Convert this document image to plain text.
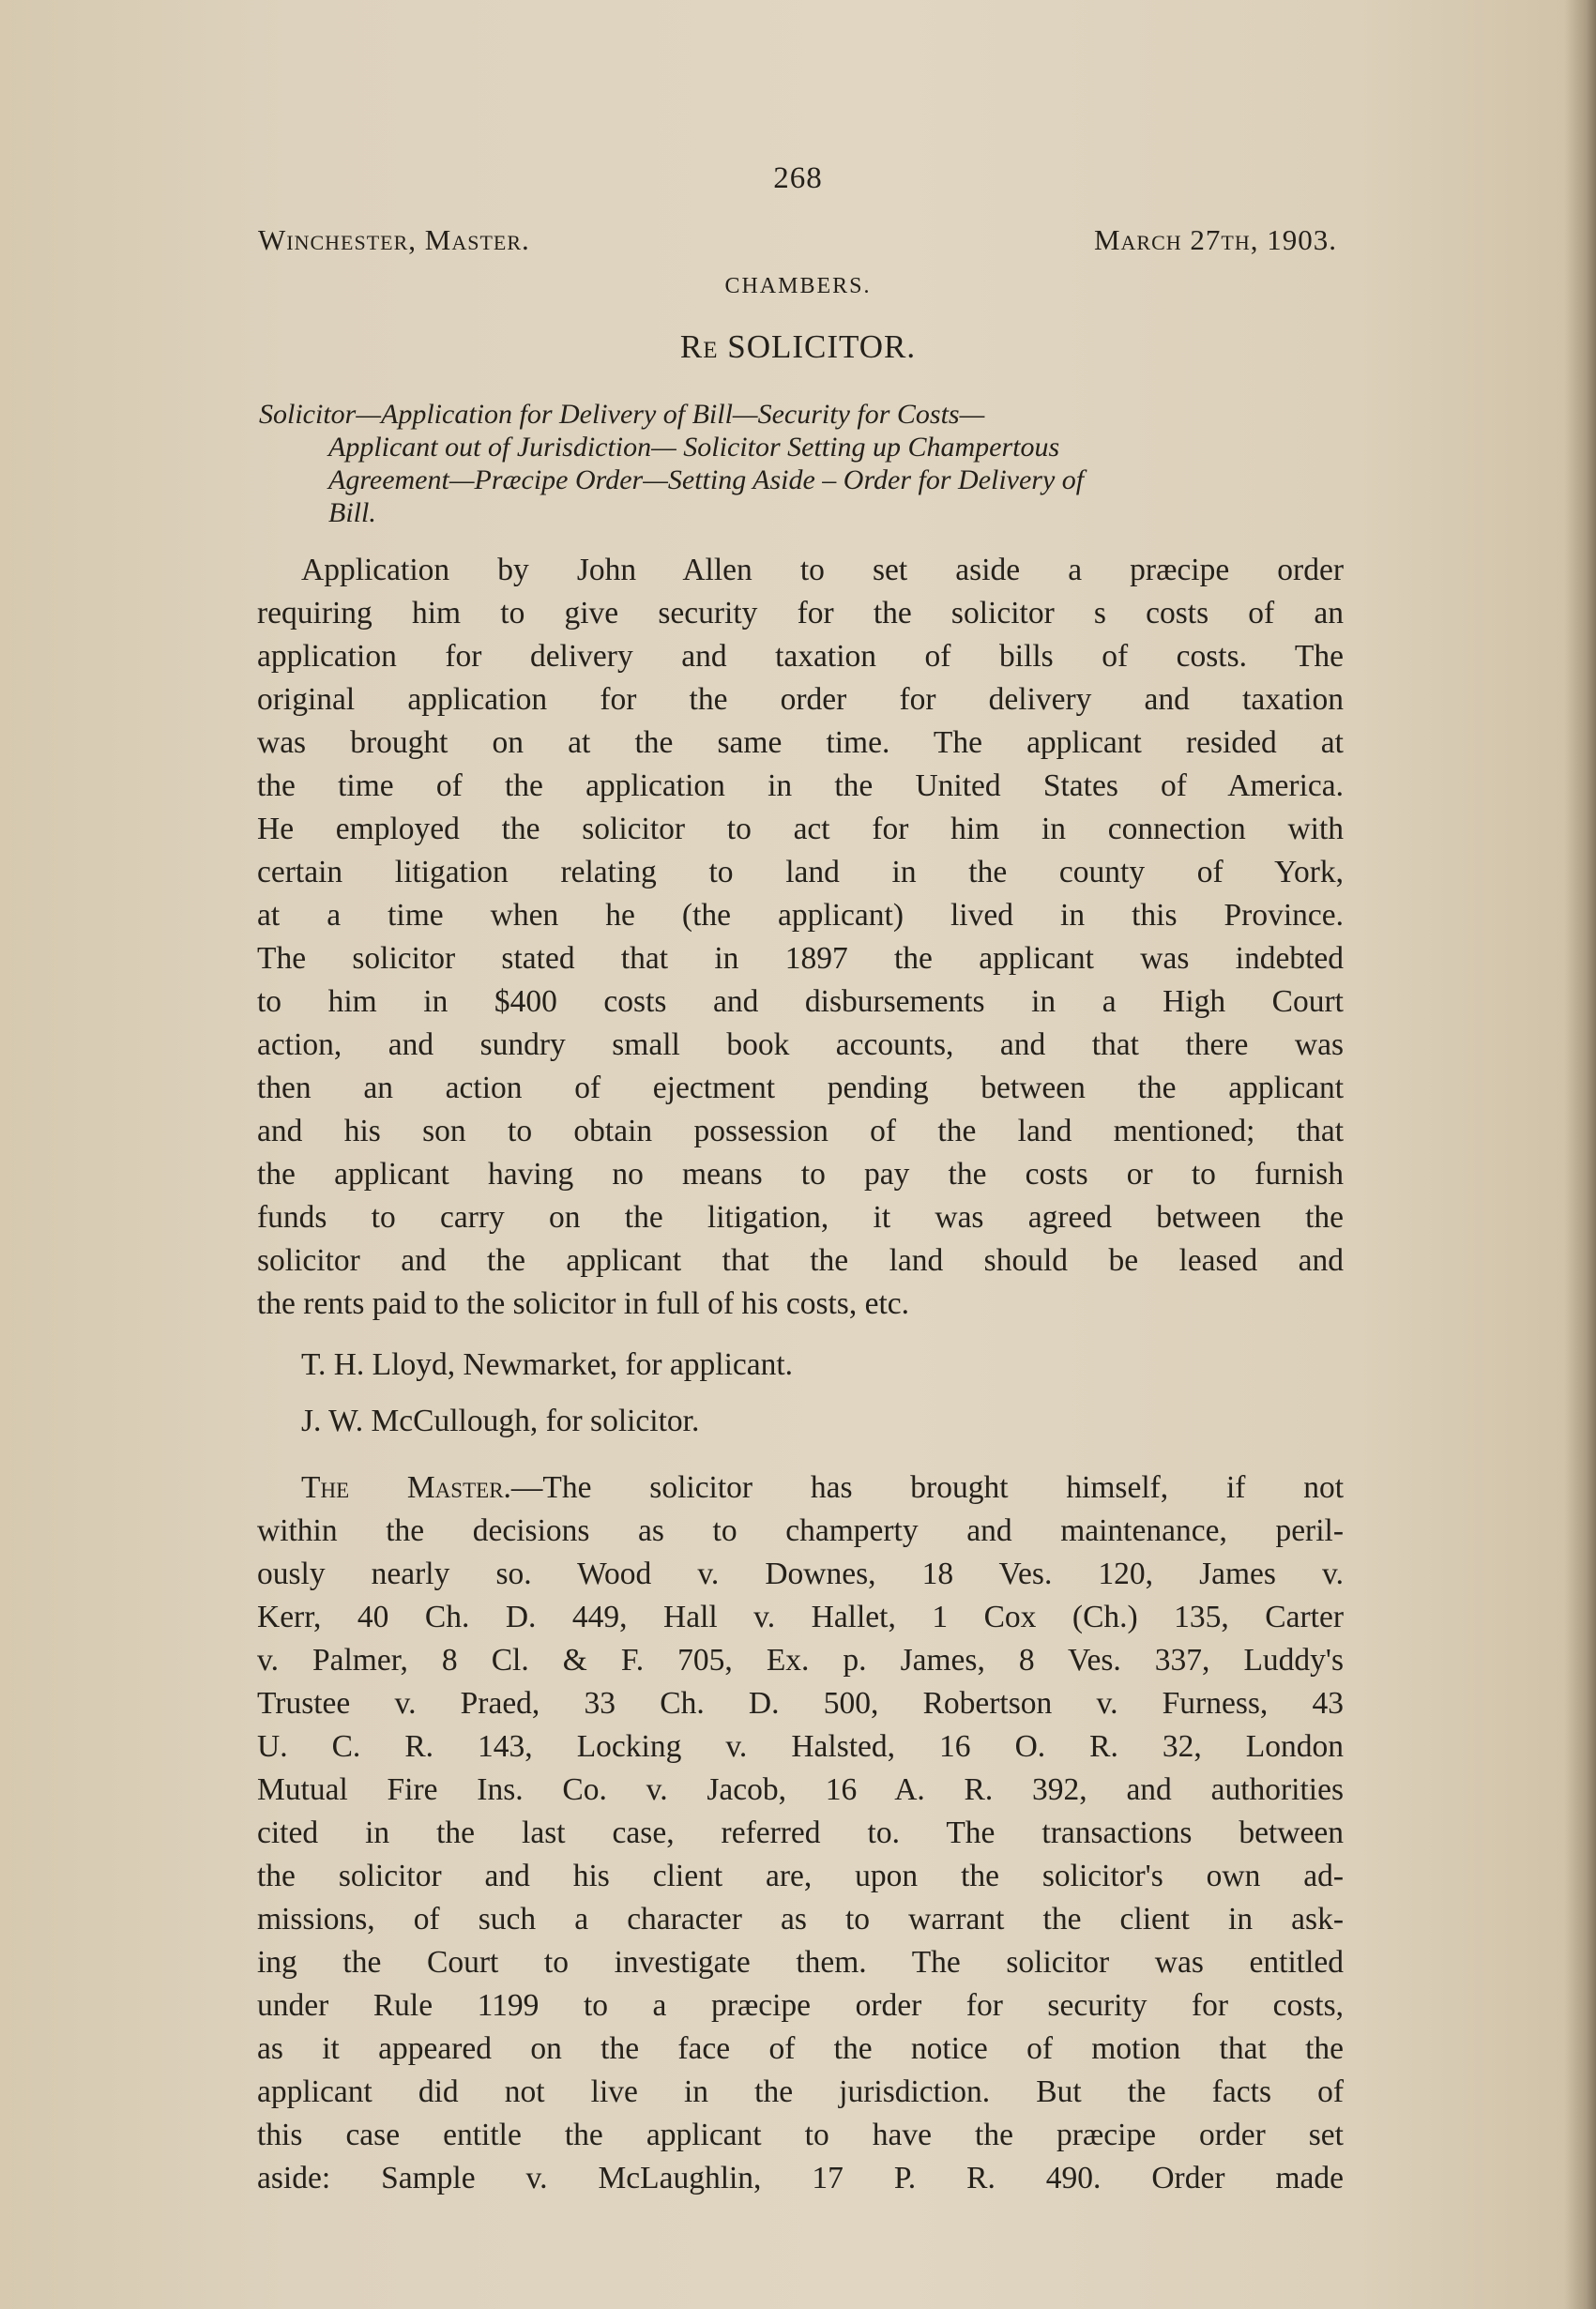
268
Winchester, Master.	March 27th, 1903.
CHAMBERS.
Re SOLICITOR.
Solicitor—Application for Delivery of Bill—Security for Costs—
Applicant out of Jurisdiction— Solicitor Setting up Champertous
Agreement—Præcipe Order—Setting Aside – Order for Delivery of
Bill.
Application by John Allen to set aside a præcipe order
requiring him to give security for the solicitor s costs of an
application for delivery and taxation of bills of costs. The
original application for the order for delivery and taxation
was brought on at the same time. The applicant resided at
the time of the application in the United States of America.
He employed the solicitor to act for him in connection with
certain litigation relating to land in the county of York,
at a time when he (the applicant) lived in this Province.
The solicitor stated that in 1897 the applicant was indebted
to him in $400 costs and disbursements in a High Court
action, and sundry small book accounts, and that there was
then an action of ejectment pending between the applicant
and his son to obtain possession of the land mentioned; that
the applicant having no means to pay the costs or to furnish
funds to carry on the litigation, it was agreed between the
solicitor and the applicant that the land should be leased and
the rents paid to the solicitor in full of his costs, etc.
T. H. Lloyd, Newmarket, for applicant.
J. W. McCullough, for solicitor.
The Master.—The solicitor has brought himself, if not
within the decisions as to champerty and maintenance, peril-
ously nearly so. Wood v. Downes, 18 Ves. 120, James v.
Kerr, 40 Ch. D. 449, Hall v. Hallet, 1 Cox (Ch.) 135, Carter
v. Palmer, 8 Cl. & F. 705, Ex. p. James, 8 Ves. 337, Luddy's
Trustee v. Praed, 33 Ch. D. 500, Robertson v. Furness, 43
U. C. R. 143, Locking v. Halsted, 16 O. R. 32, London
Mutual Fire Ins. Co. v. Jacob, 16 A. R. 392, and authorities
cited in the last case, referred to. The transactions between
the solicitor and his client are, upon the solicitor's own ad-
missions, of such a character as to warrant the client in ask-
ing the Court to investigate them. The solicitor was entitled
under Rule 1199 to a præcipe order for security for costs,
as it appeared on the face of the notice of motion that the
applicant did not live in the jurisdiction. But the facts of
this case entitle the applicant to have the præcipe order set
aside: Sample v. McLaughlin, 17 P. R. 490. Order made
